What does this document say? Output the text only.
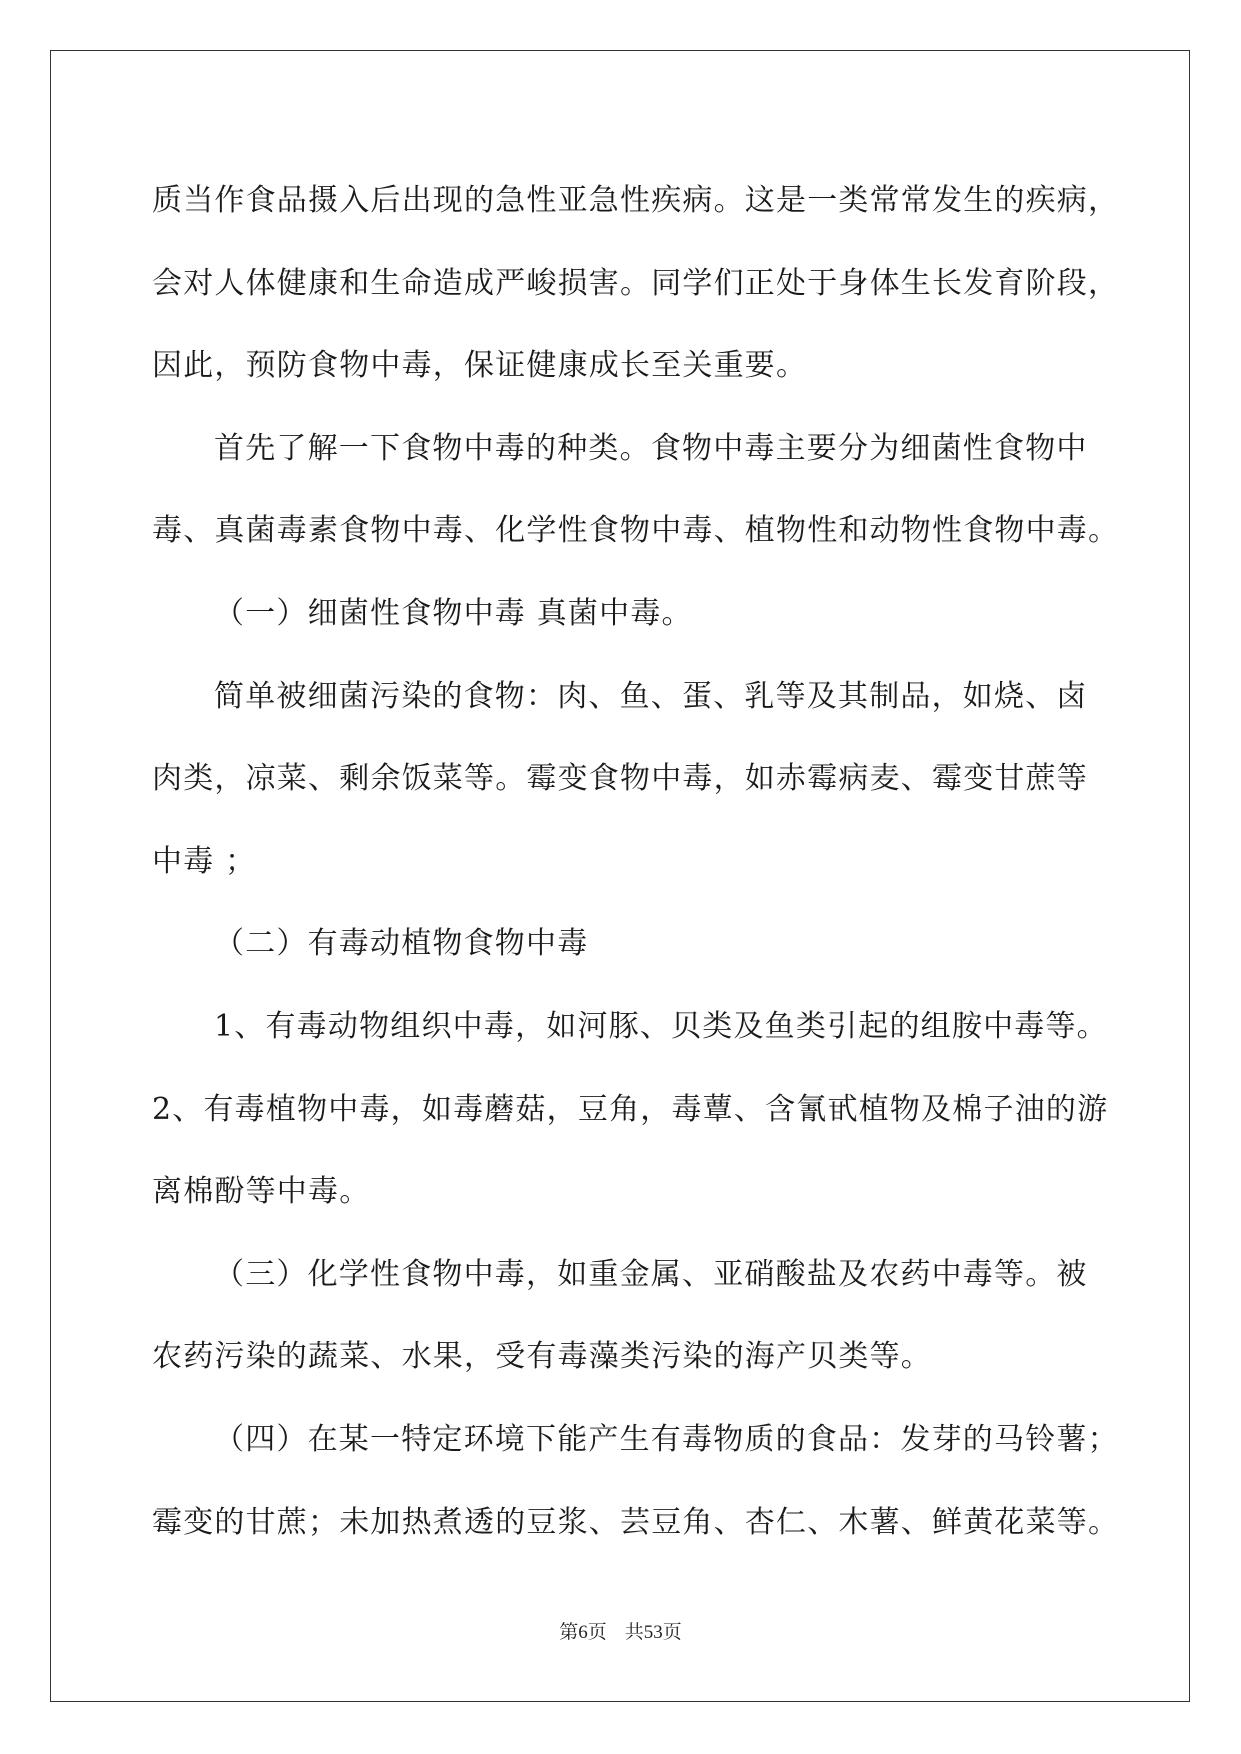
质当作食品摄入后出现的急性亚急性疾病。这是一类常常发生的疾病，
会对人体健康和生命造成严峻损害。同学们正处于身体生长发育阶段，
因此，预防食物中毒，保证健康成长至关重要。
首先了解一下食物中毒的种类。食物中毒主要分为细菌性食物中
毒、真菌毒素食物中毒、化学性食物中毒、植物性和动物性食物中毒。
（一）细菌性食物中毒 真菌中毒。
简单被细菌污染的食物：肉、鱼、蛋、乳等及其制品，如烧、卤
肉类，凉菜、剩余饭菜等。霉变食物中毒，如赤霉病麦、霉变甘蔗等
中毒 ；
（二）有毒动植物食物中毒
1、有毒动物组织中毒，如河豚、贝类及鱼类引起的组胺中毒等。
2、有毒植物中毒，如毒蘑菇，豆角，毒蕈、含氰甙植物及棉子油的游
离棉酚等中毒。
（三）化学性食物中毒，如重金属、亚硝酸盐及农药中毒等。被
农药污染的蔬菜、水果，受有毒藻类污染的海产贝类等。
（四）在某一特定环境下能产生有毒物质的食品：发芽的马铃薯；
霉变的甘蔗；未加热煮透的豆浆、芸豆角、杏仁、木薯、鲜黄花菜等。
第6页 共53页
